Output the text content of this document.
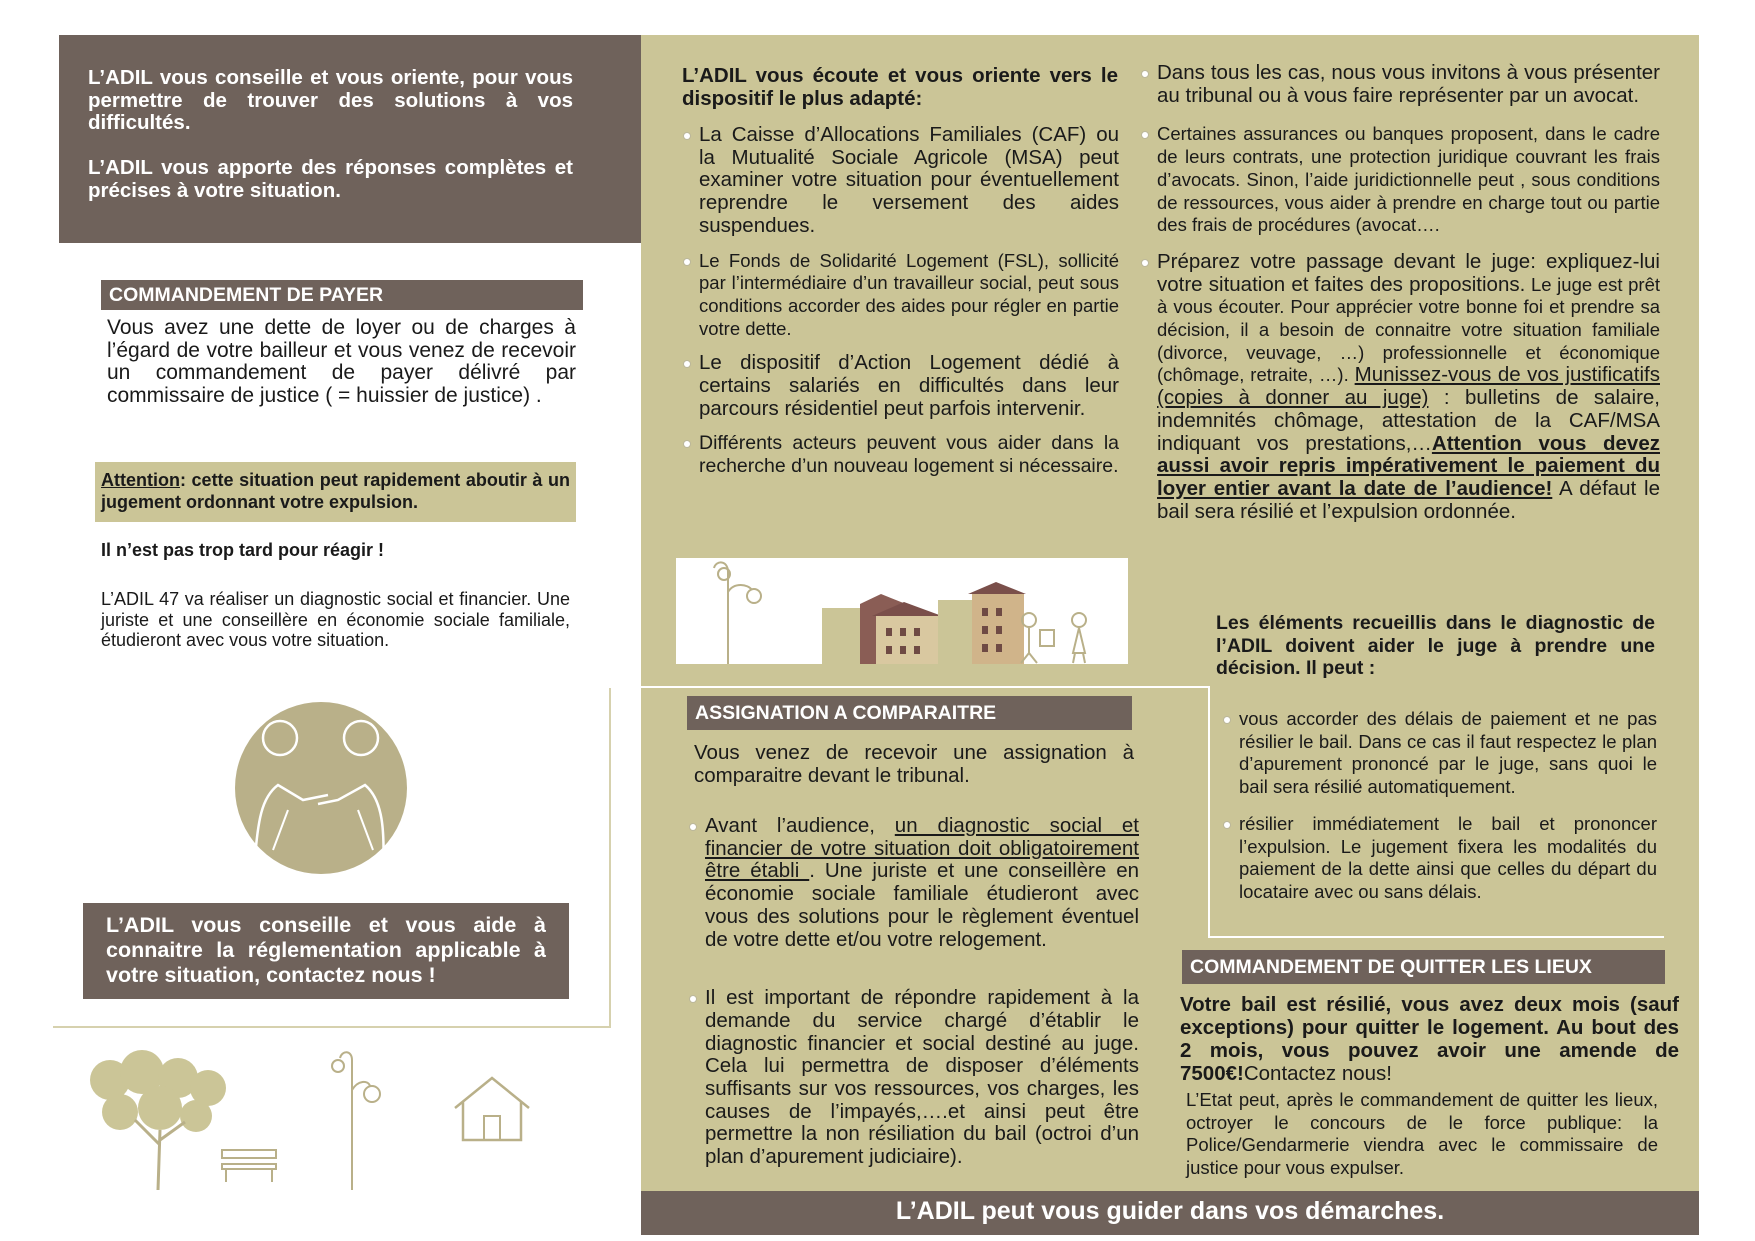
L’ADIL vous conseille et vous oriente, pour vous permettre de trouver des solutions à vos difficultés.
L’ADIL vous apporte des réponses complètes et précises à votre situation.
COMMANDEMENT DE PAYER
Vous avez une dette de loyer ou de charges à l’égard de votre bailleur et vous venez de recevoir un commandement de payer délivré par commissaire de justice ( = huissier de justice) .
Attention: cette situation peut rapidement aboutir à un jugement ordonnant votre expulsion.
Il n’est pas trop tard pour réagir !
L’ADIL 47 va réaliser un diagnostic social et financier. Une juriste et une conseillère en économie sociale familiale, étudieront avec vous votre situation.
L’ADIL vous conseille et vous aide à connaitre la réglementation applicable à votre situation, contactez nous !
L’ADIL vous écoute et vous oriente vers le dispositif le plus adapté:
La Caisse d’Allocations Familiales (CAF) ou la Mutualité Sociale Agricole (MSA) peut examiner votre situation pour éventuellement reprendre le versement des aides suspendues.
Le Fonds de Solidarité Logement (FSL), sollicité par l’intermédiaire d’un travailleur social, peut sous conditions accorder des aides pour régler en partie votre dette.
Le dispositif d’Action Logement dédié à certains salariés en difficultés dans leur parcours résidentiel peut parfois intervenir.
Différents acteurs peuvent vous aider dans la recherche d’un nouveau logement si nécessaire.
ASSIGNATION A COMPARAITRE
Vous venez de recevoir une assignation à comparaitre devant le tribunal.
Avant l’audience, un diagnostic social et financier de votre situation doit obligatoirement être établi . Une juriste et une conseillère en économie sociale familiale étudieront avec vous des solutions pour le règlement éventuel de votre dette et/ou votre relogement.
Il est important de répondre rapidement à la demande du service chargé d’établir le diagnostic financier et social destiné au juge. Cela lui permettra de disposer d’éléments suffisants sur vos ressources, vos charges, les causes de l’impayés,….et ainsi peut être permettre la non résiliation du bail (octroi d’un plan d’apurement judiciaire).
Dans tous les cas, nous vous invitons à vous présenter au tribunal ou à vous faire représenter par un avocat.
Certaines assurances ou banques proposent, dans le cadre de leurs contrats, une protection juridique couvrant les frais d’avocats. Sinon, l’aide juridictionnelle peut , sous conditions de ressources, vous aider à prendre en charge tout ou partie des frais de procédures (avocat….
Préparez votre passage devant le juge: expliquez-lui votre situation et faites des propositions. Le juge est prêt à vous écouter. Pour apprécier votre bonne foi et prendre sa décision, il a besoin de connaitre votre situation familiale (divorce, veuvage, …) professionnelle et économique (chômage, retraite, …). Munissez-vous de vos justificatifs (copies à donner au juge) : bulletins de salaire, indemnités chômage, attestation de la CAF/MSA indiquant vos prestations,…Attention vous devez aussi avoir repris impérativement le paiement du loyer entier avant la date de l’audience! A défaut le bail sera résilié et l’expulsion ordonnée.
Les éléments recueillis dans le diagnostic de l’ADIL doivent aider le juge à prendre une décision. Il peut :
vous accorder des délais de paiement et ne pas résilier le bail. Dans ce cas il faut respectez le plan d’apurement prononcé par le juge, sans quoi le bail sera résilié automatiquement.
résilier immédiatement le bail et prononcer l’expulsion. Le jugement fixera les modalités du paiement de la dette ainsi que celles du départ du locataire avec ou sans délais.
COMMANDEMENT DE QUITTER LES LIEUX
Votre bail est résilié, vous avez deux mois (sauf exceptions) pour quitter le logement. Au bout des 2 mois, vous pouvez avoir une amende de 7500€!Contactez nous!
L’Etat peut, après le commandement de quitter les lieux, octroyer le concours de le force publique: la Police/Gendarmerie viendra avec le commissaire de justice pour vous expulser.
L’ADIL peut vous guider dans vos démarches.
